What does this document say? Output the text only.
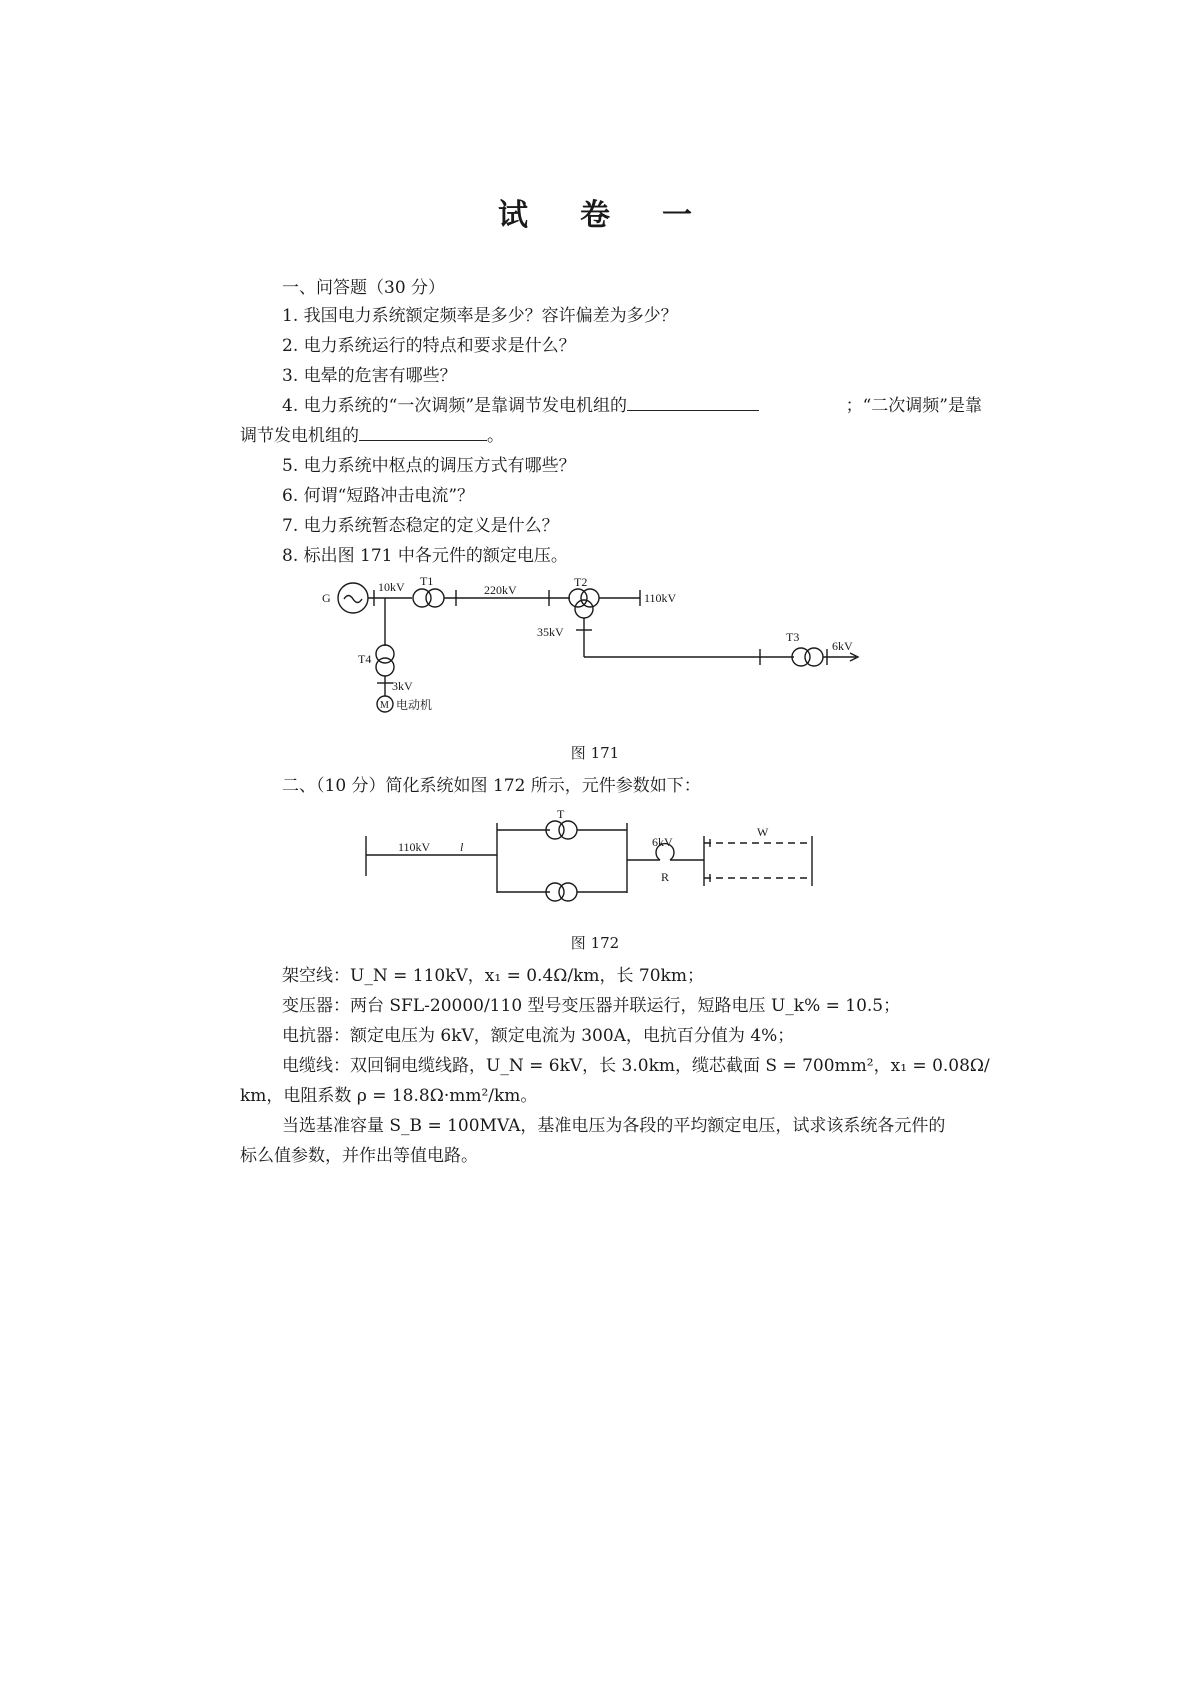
试 卷 一
一、问答题（30 分）
1. 我国电力系统额定频率是多少？容许偏差为多少？
2. 电力系统运行的特点和要求是什么？
3. 电晕的危害有哪些？
4. 电力系统的“一次调频”是靠调节发电机组的	；“二次调频”是靠
调节发电机组的	。
5. 电力系统中枢点的调压方式有哪些？
6. 何谓“短路冲击电流”？
7. 电力系统暂态稳定的定义是什么？
8. 标出图 171 中各元件的额定电压。
G
10kV T1
220kV
T2
110kV
35kV	T3
6kV
T4
3kV
M 电动机
图 171
二、（10 分）简化系统如图 172 所示，元件参数如下：
110kV l
T
6kV
R
W
图 172
架空线：U_N = 110kV，x₁ = 0.4Ω/km，长 70km；
变压器：两台 SFL-20000/110 型号变压器并联运行，短路电压 U_k% = 10.5；
电抗器：额定电压为 6kV，额定电流为 300A，电抗百分值为 4%；
电缆线：双回铜电缆线路，U_N = 6kV，长 3.0km，缆芯截面 S = 700mm²，x₁ = 0.08Ω/
km，电阻系数 ρ = 18.8Ω·mm²/km。
当选基准容量 S_B = 100MVA，基准电压为各段的平均额定电压，试求该系统各元件的
标么值参数，并作出等值电路。
